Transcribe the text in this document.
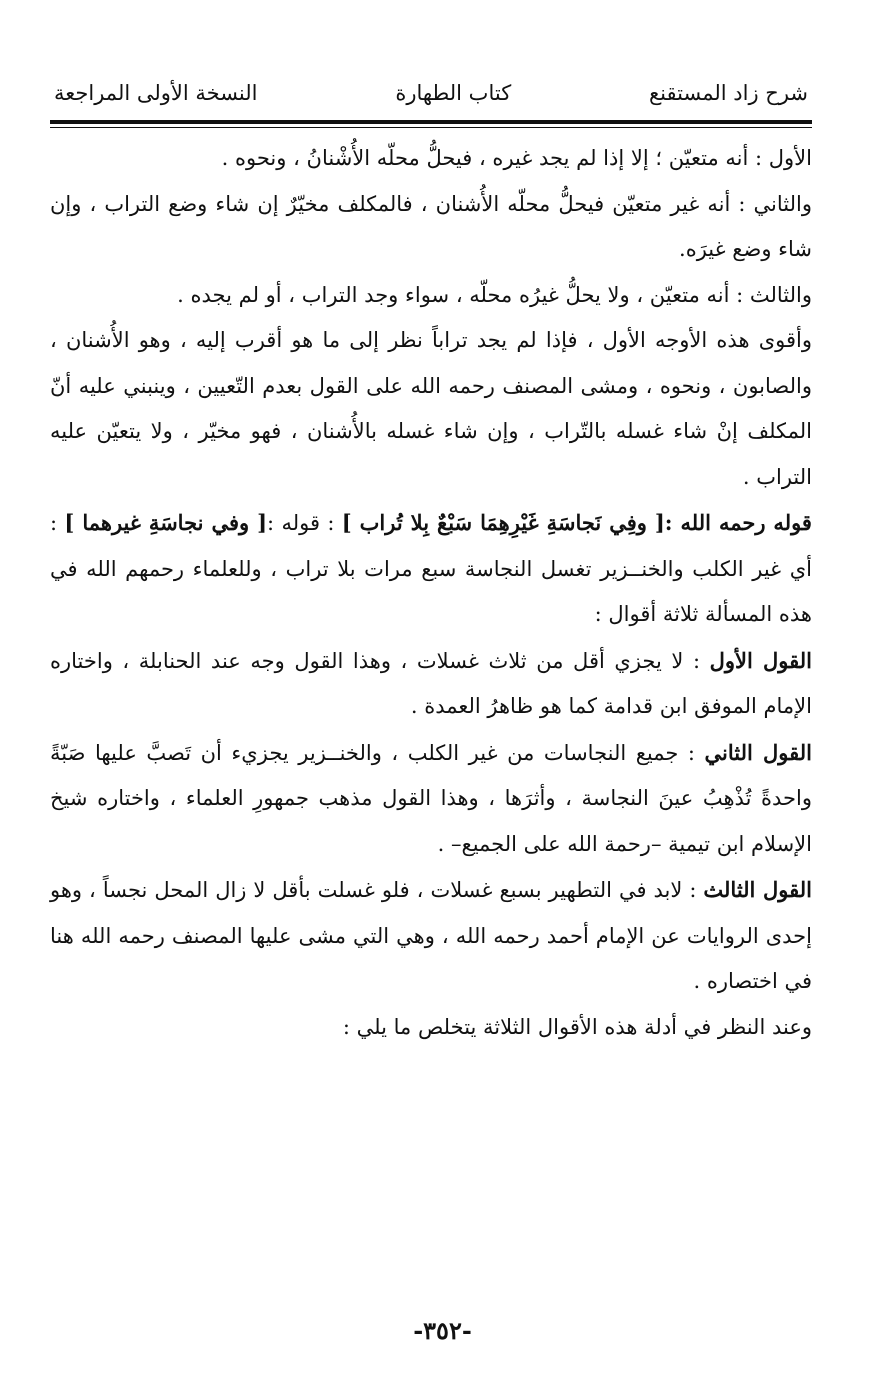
شرح زاد المستقنع
كتاب الطهارة
النسخة الأولى المراجعة

الأول : أنه متعيّن ؛ إلا إذا لم يجد غيره ، فيحلُّ محلّه الأُشْنانُ ، ونحوه .

والثاني : أنه غير متعيّن فيحلُّ محلّه الأُشنان ، فالمكلف مخيّرٌ إن شاء وضع التراب ، وإن شاء وضع غيرَه.

والثالث : أنه متعيّن ، ولا يحلُّ غيرُه محلّه ، سواء وجد التراب ، أو لم يجده .

وأقوى هذه الأوجه الأول ، فإذا لم يجد تراباً نظر إلى ما هو أقرب إليه ، وهو الأُشنان ، والصابون ، ونحوه ، ومشى المصنف رحمه الله على القول بعدم التّعيين ، وينبني عليه أنّ المكلف إنْ شاء غسله بالتّراب ، وإن شاء غسله بالأُشنان ، فهو مخيّر ، ولا يتعيّن عليه التراب .

قوله رحمه الله :[ وفِي نَجاسَةِ غَيْرِهِمَا سَبْعٌ بِلا تُراب ] : قوله :[ وفي نجاسَةِ غيرهما ] : أي غير الكلب والخنــزير تغسل النجاسة سبع مرات بلا تراب ، وللعلماء رحمهم الله في هذه المسألة ثلاثة أقوال :

القول الأول : لا يجزي أقل من ثلاث غسلات ، وهذا القول وجه عند الحنابلة ، واختاره الإمام الموفق ابن قدامة كما هو ظاهرُ العمدة .

القول الثاني : جميع النجاسات من غير الكلب ، والخنــزير يجزيء أن تَصبَّ عليها صَبّةً واحدةً تُذْهِبُ عينَ النجاسة ، وأثرَها ، وهذا القول مذهب جمهورِ العلماء ، واختاره شيخ الإسلام ابن تيمية –رحمة الله على الجميع– .

القول الثالث : لابد في التطهير بسبع غسلات ، فلو غسلت بأقل لا زال المحل نجساً ، وهو إحدى الروايات عن الإمام أحمد رحمه الله ، وهي التي مشى عليها المصنف رحمه الله هنا في اختصاره .

وعند النظر في أدلة هذه الأقوال الثلاثة يتخلص ما يلي :

-٣٥٢-
